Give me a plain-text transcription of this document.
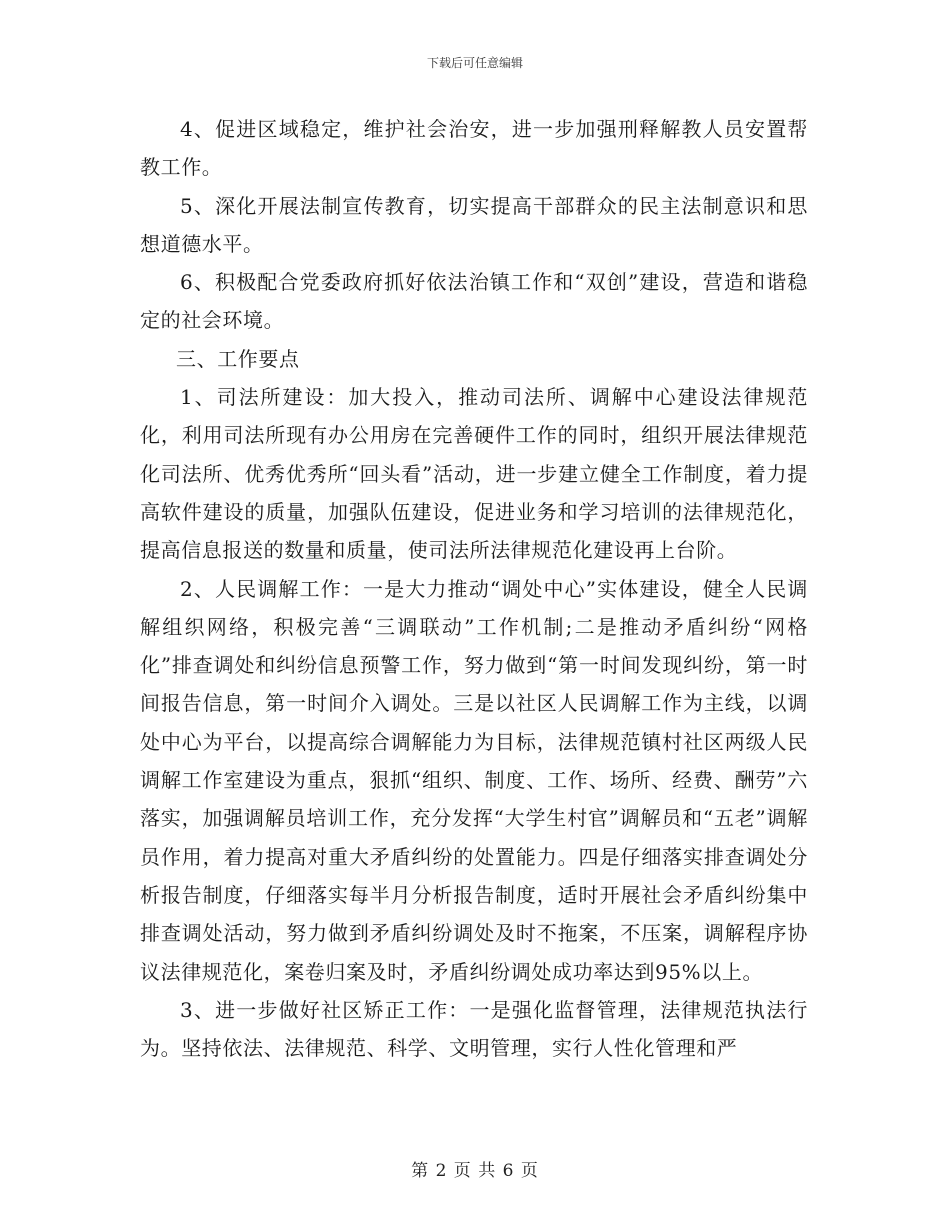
下载后可任意编辑

4、促进区域稳定，维护社会治安，进一步加强刑释解教人员安置帮教工作。

5、深化开展法制宣传教育，切实提高干部群众的民主法制意识和思想道德水平。

6、积极配合党委政府抓好依法治镇工作和“双创”建设，营造和谐稳定的社会环境。

三、工作要点

1、司法所建设：加大投入，推动司法所、调解中心建设法律规范化，利用司法所现有办公用房在完善硬件工作的同时，组织开展法律规范化司法所、优秀优秀所“回头看”活动，进一步建立健全工作制度，着力提高软件建设的质量，加强队伍建设，促进业务和学习培训的法律规范化，提高信息报送的数量和质量，使司法所法律规范化建设再上台阶。

2、人民调解工作：一是大力推动“调处中心”实体建设，健全人民调解组织网络，积极完善“三调联动”工作机制;二是推动矛盾纠纷“网格化”排查调处和纠纷信息预警工作，努力做到“第一时间发现纠纷，第一时间报告信息，第一时间介入调处。三是以社区人民调解工作为主线，以调处中心为平台，以提高综合调解能力为目标，法律规范镇村社区两级人民调解工作室建设为重点，狠抓“组织、制度、工作、场所、经费、酬劳”六落实，加强调解员培训工作，充分发挥“大学生村官”调解员和“五老”调解员作用，着力提高对重大矛盾纠纷的处置能力。四是仔细落实排查调处分析报告制度，仔细落实每半月分析报告制度，适时开展社会矛盾纠纷集中排查调处活动，努力做到矛盾纠纷调处及时不拖案，不压案，调解程序协议法律规范化，案卷归案及时，矛盾纠纷调处成功率达到95%以上。

3、进一步做好社区矫正工作：一是强化监督管理，法律规范执法行为。坚持依法、法律规范、科学、文明管理，实行人性化管理和严

第 2 页 共 6 页
